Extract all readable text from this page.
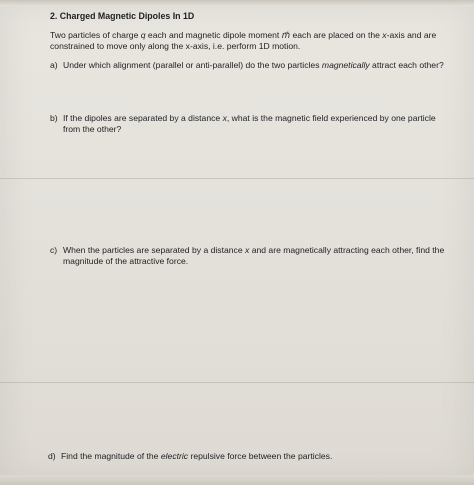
2. Charged Magnetic Dipoles In 1D
Two particles of charge q each and magnetic dipole moment m⃗ each are placed on the x-axis and are
constrained to move only along the x-axis, i.e. perform 1D motion.
a) Under which alignment (parallel or anti-parallel) do the two particles magnetically attract each other?
b) If the dipoles are separated by a distance x, what is the magnetic field experienced by one particle
from the other?
c) When the particles are separated by a distance x and are magnetically attracting each other, find the
magnitude of the attractive force.
d) Find the magnitude of the electric repulsive force between the particles.
